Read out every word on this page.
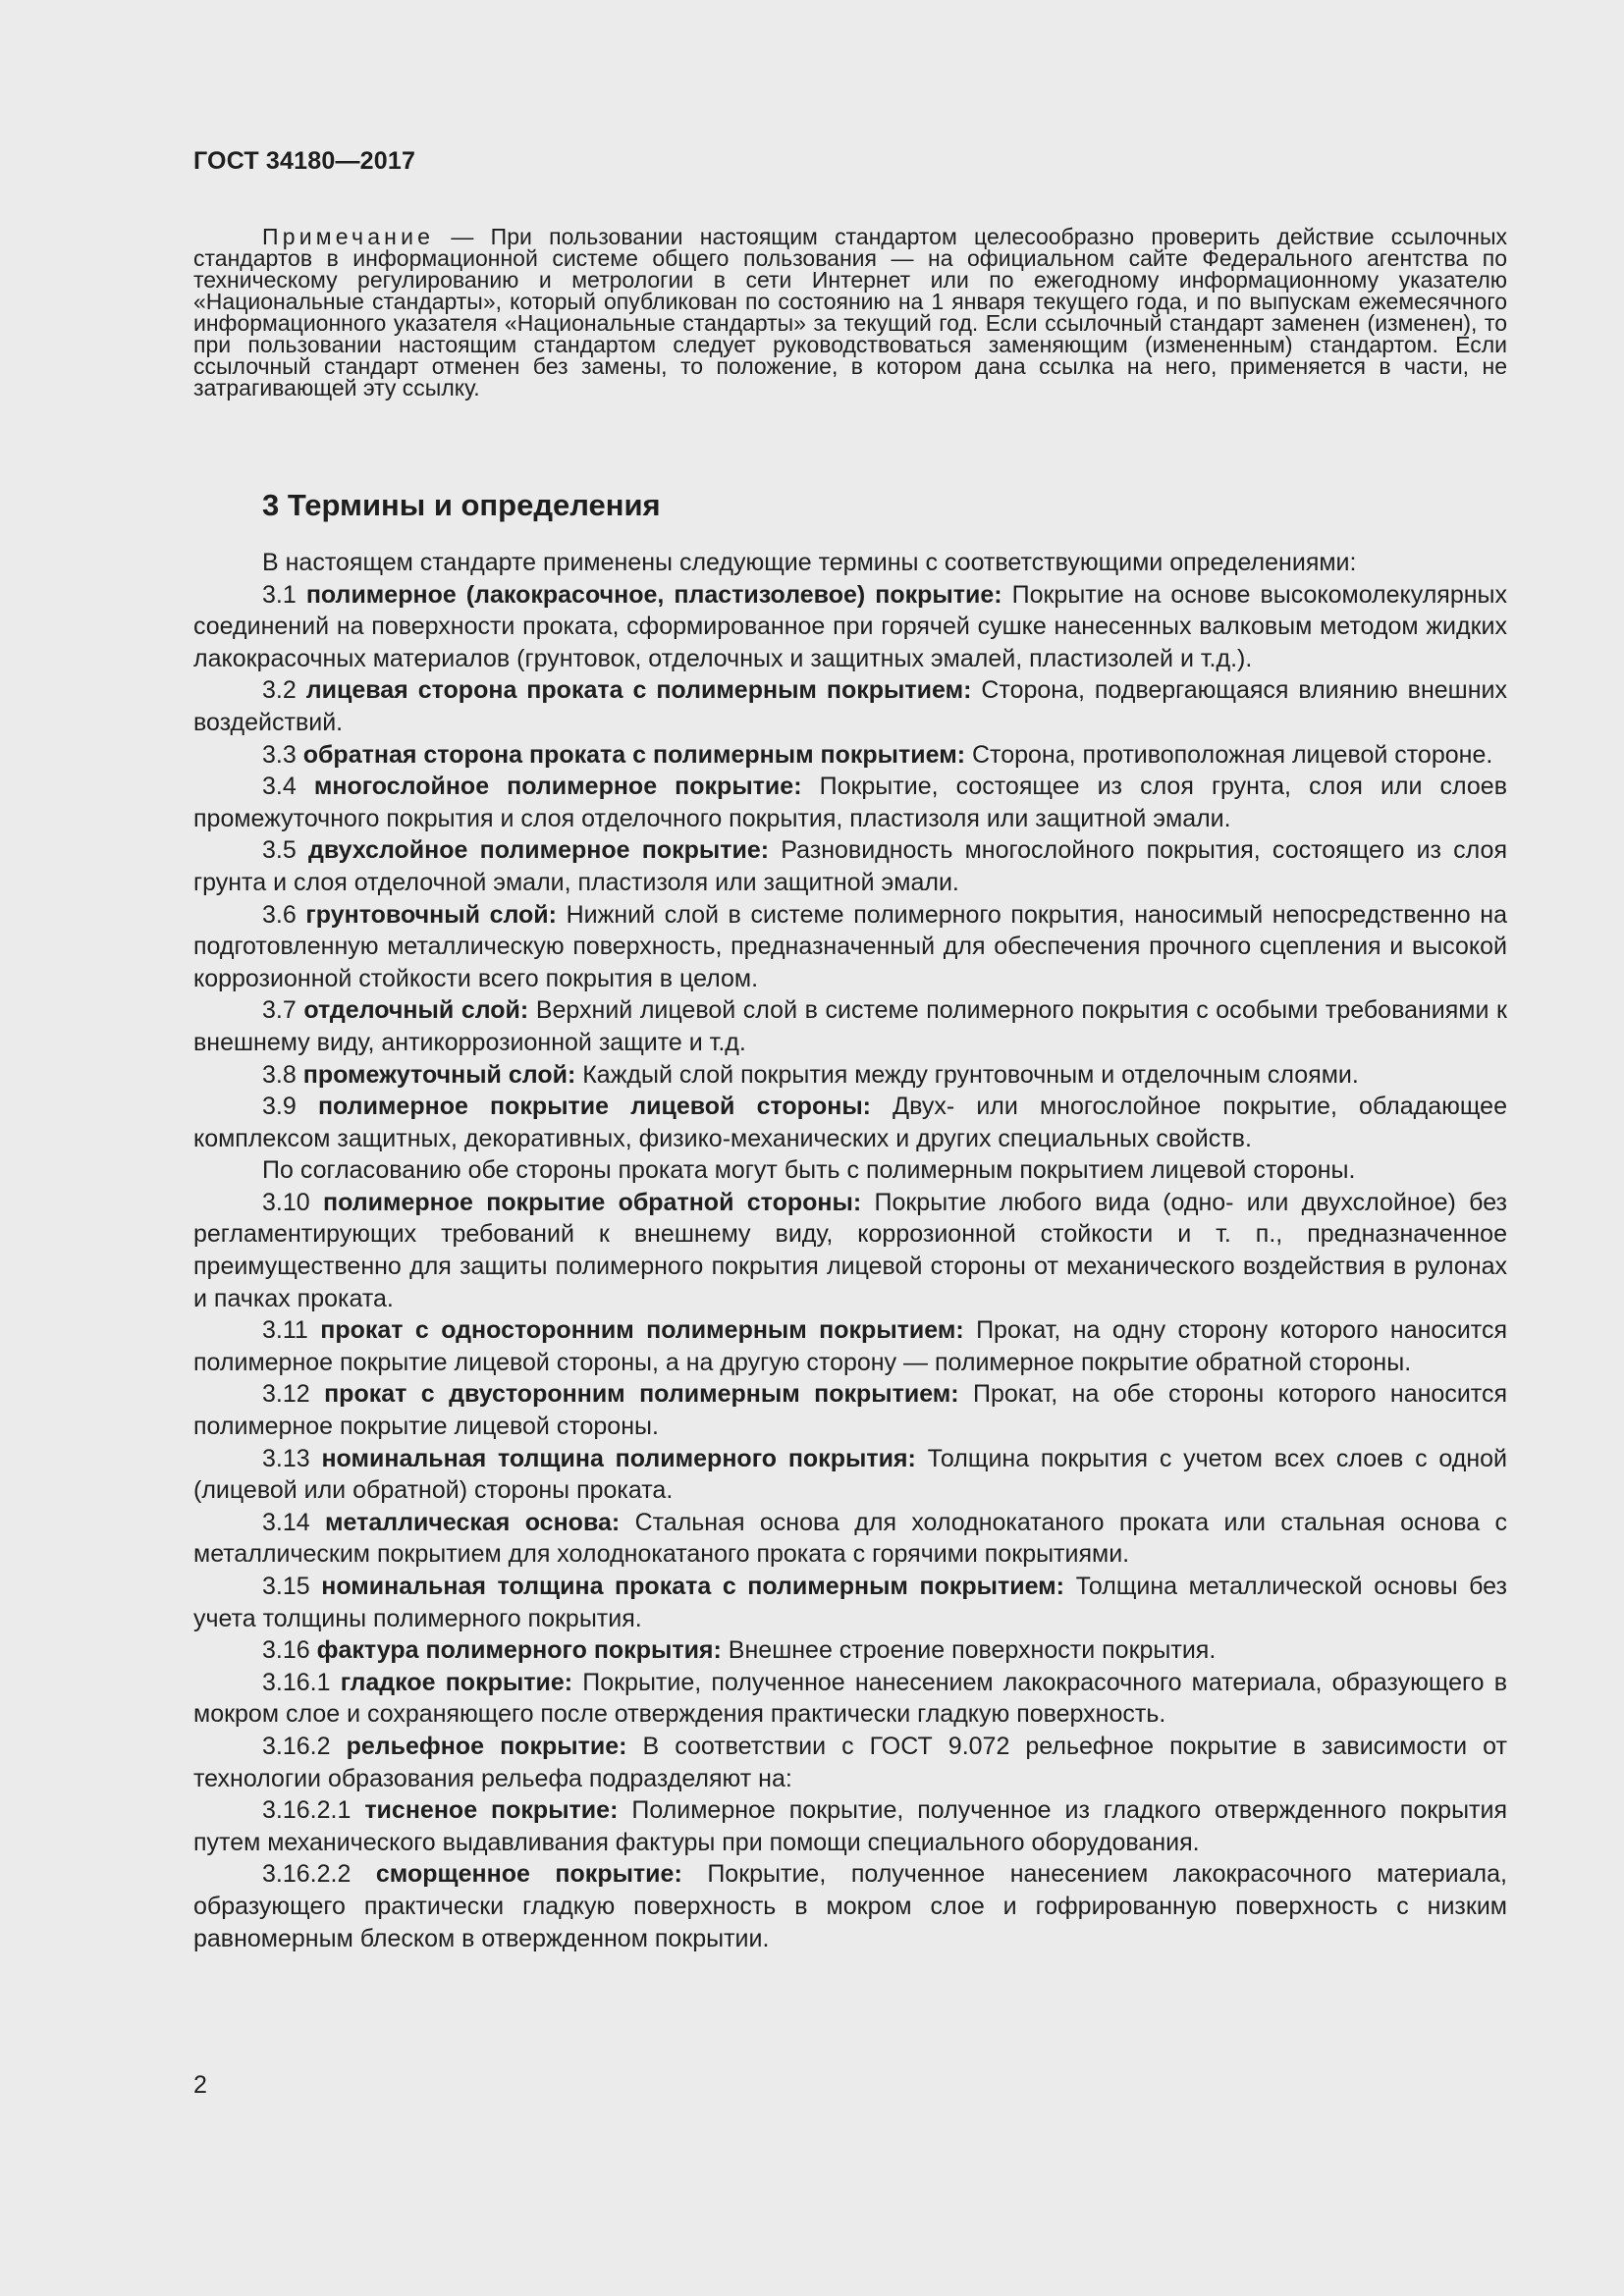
ГОСТ 34180—2017

Примечание — При пользовании настоящим стандартом целесообразно проверить действие ссылочных стандартов в информационной системе общего пользования — на официальном сайте Федерального агентства по техническому регулированию и метрологии в сети Интернет или по ежегодному информационному указателю «Национальные стандарты», который опубликован по состоянию на 1 января текущего года, и по выпускам ежемесячного информационного указателя «Национальные стандарты» за текущий год. Если ссылочный стандарт заменен (изменен), то при пользовании настоящим стандартом следует руководствоваться заменяющим (измененным) стандартом. Если ссылочный стандарт отменен без замены, то положение, в котором дана ссылка на него, применяется в части, не затрагивающей эту ссылку.

3 Термины и определения

В настоящем стандарте применены следующие термины с соответствующими определениями:

3.1 полимерное (лакокрасочное, пластизолевое) покрытие: Покрытие на основе высокомолекулярных соединений на поверхности проката, сформированное при горячей сушке нанесенных валковым методом жидких лакокрасочных материалов (грунтовок, отделочных и защитных эмалей, пластизолей и т.д.).

3.2 лицевая сторона проката с полимерным покрытием: Сторона, подвергающаяся влиянию внешних воздействий.

3.3 обратная сторона проката с полимерным покрытием: Сторона, противоположная лицевой стороне.

3.4 многослойное полимерное покрытие: Покрытие, состоящее из слоя грунта, слоя или слоев промежуточного покрытия и слоя отделочного покрытия, пластизоля или защитной эмали.

3.5 двухслойное полимерное покрытие: Разновидность многослойного покрытия, состоящего из слоя грунта и слоя отделочной эмали, пластизоля или защитной эмали.

3.6 грунтовочный слой: Нижний слой в системе полимерного покрытия, наносимый непосредственно на подготовленную металлическую поверхность, предназначенный для обеспечения прочного сцепления и высокой коррозионной стойкости всего покрытия в целом.

3.7 отделочный слой: Верхний лицевой слой в системе полимерного покрытия с особыми требованиями к внешнему виду, антикоррозионной защите и т.д.

3.8 промежуточный слой: Каждый слой покрытия между грунтовочным и отделочным слоями.

3.9 полимерное покрытие лицевой стороны: Двух- или многослойное покрытие, обладающее комплексом защитных, декоративных, физико-механических и других специальных свойств.

По согласованию обе стороны проката могут быть с полимерным покрытием лицевой стороны.

3.10 полимерное покрытие обратной стороны: Покрытие любого вида (одно- или двухслойное) без регламентирующих требований к внешнему виду, коррозионной стойкости и т. п., предназначенное преимущественно для защиты полимерного покрытия лицевой стороны от механического воздействия в рулонах и пачках проката.

3.11 прокат с односторонним полимерным покрытием: Прокат, на одну сторону которого наносится полимерное покрытие лицевой стороны, а на другую сторону — полимерное покрытие обратной стороны.

3.12 прокат с двусторонним полимерным покрытием: Прокат, на обе стороны которого наносится полимерное покрытие лицевой стороны.

3.13 номинальная толщина полимерного покрытия: Толщина покрытия с учетом всех слоев с одной (лицевой или обратной) стороны проката.

3.14 металлическая основа: Стальная основа для холоднокатаного проката или стальная основа с металлическим покрытием для холоднокатаного проката с горячими покрытиями.

3.15 номинальная толщина проката с полимерным покрытием: Толщина металлической основы без учета толщины полимерного покрытия.

3.16 фактура полимерного покрытия: Внешнее строение поверхности покрытия.

3.16.1 гладкое покрытие: Покрытие, полученное нанесением лакокрасочного материала, образующего в мокром слое и сохраняющего после отверждения практически гладкую поверхность.

3.16.2 рельефное покрытие: В соответствии с ГОСТ 9.072 рельефное покрытие в зависимости от технологии образования рельефа подразделяют на:

3.16.2.1 тисненое покрытие: Полимерное покрытие, полученное из гладкого отвержденного покрытия путем механического выдавливания фактуры при помощи специального оборудования.

3.16.2.2 сморщенное покрытие: Покрытие, полученное нанесением лакокрасочного материала, образующего практически гладкую поверхность в мокром слое и гофрированную поверхность с низким равномерным блеском в отвержденном покрытии.

2
